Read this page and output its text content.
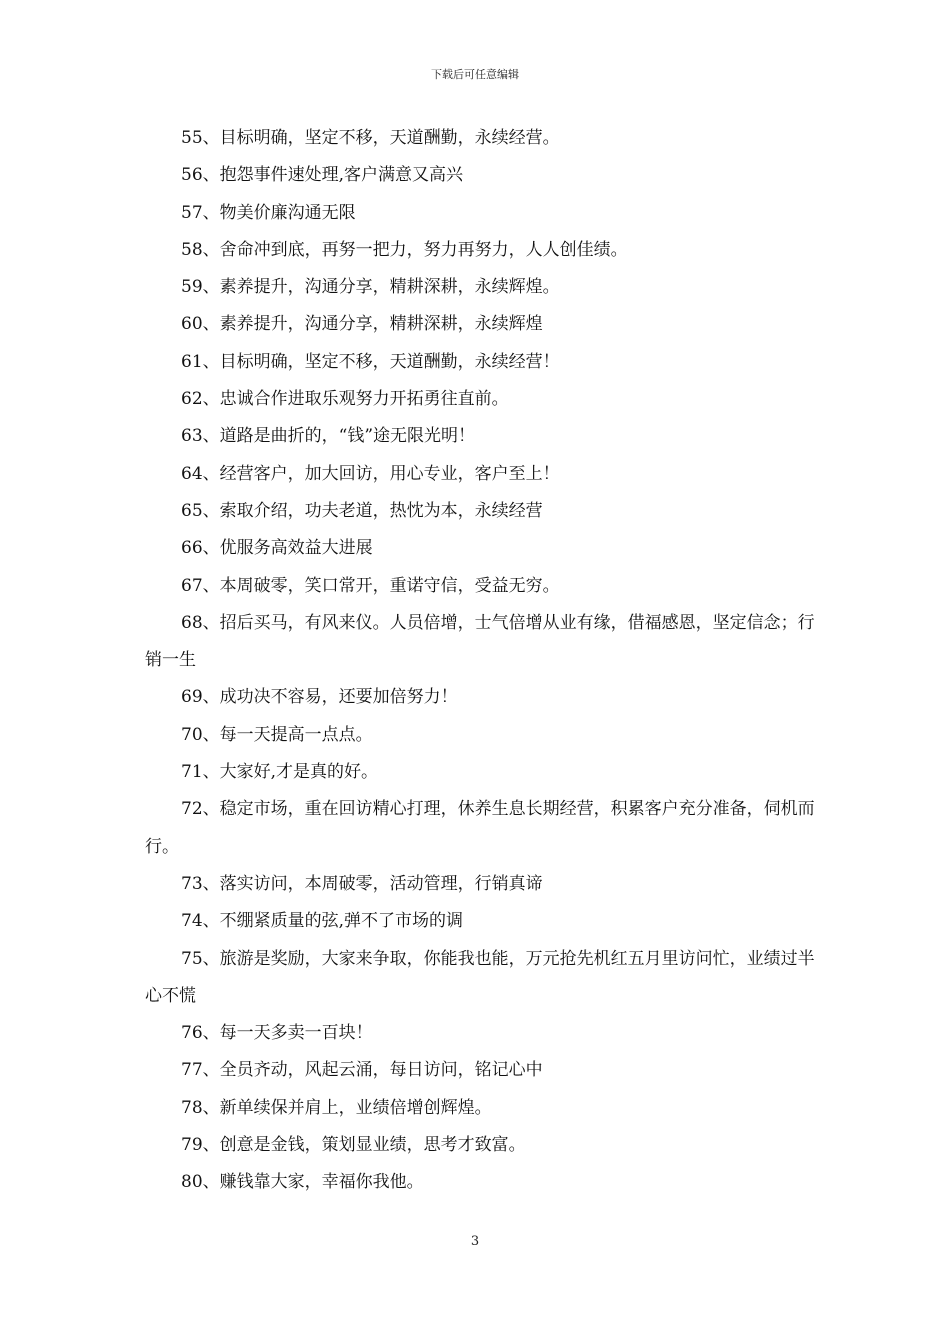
下载后可任意编辑

55、目标明确，坚定不移，天道酬勤，永续经营。

56、抱怨事件速处理,客户满意又高兴

57、物美价廉沟通无限

58、舍命冲到底，再努一把力，努力再努力，人人创佳绩。

59、素养提升，沟通分享，精耕深耕，永续辉煌。

60、素养提升，沟通分享，精耕深耕，永续辉煌

61、目标明确，坚定不移，天道酬勤，永续经营！

62、忠诚合作进取乐观努力开拓勇往直前。

63、道路是曲折的，“钱”途无限光明！

64、经营客户，加大回访，用心专业，客户至上！

65、索取介绍，功夫老道，热忱为本，永续经营

66、优服务高效益大进展

67、本周破零，笑口常开，重诺守信，受益无穷。

68、招后买马，有风来仪。人员倍增，士气倍增从业有缘，借福感恩，坚定信念；行销一生

69、成功决不容易，还要加倍努力！

70、每一天提高一点点。

71、大家好,才是真的好。

72、稳定市场，重在回访精心打理，休养生息长期经营，积累客户充分准备，伺机而行。

73、落实访问，本周破零，活动管理，行销真谛

74、不绷紧质量的弦,弹不了市场的调

75、旅游是奖励，大家来争取，你能我也能，万元抢先机红五月里访问忙，业绩过半心不慌

76、每一天多卖一百块！

77、全员齐动，风起云涌，每日访问，铭记心中

78、新单续保并肩上，业绩倍增创辉煌。

79、创意是金钱，策划显业绩，思考才致富。

80、赚钱靠大家，幸福你我他。

3
